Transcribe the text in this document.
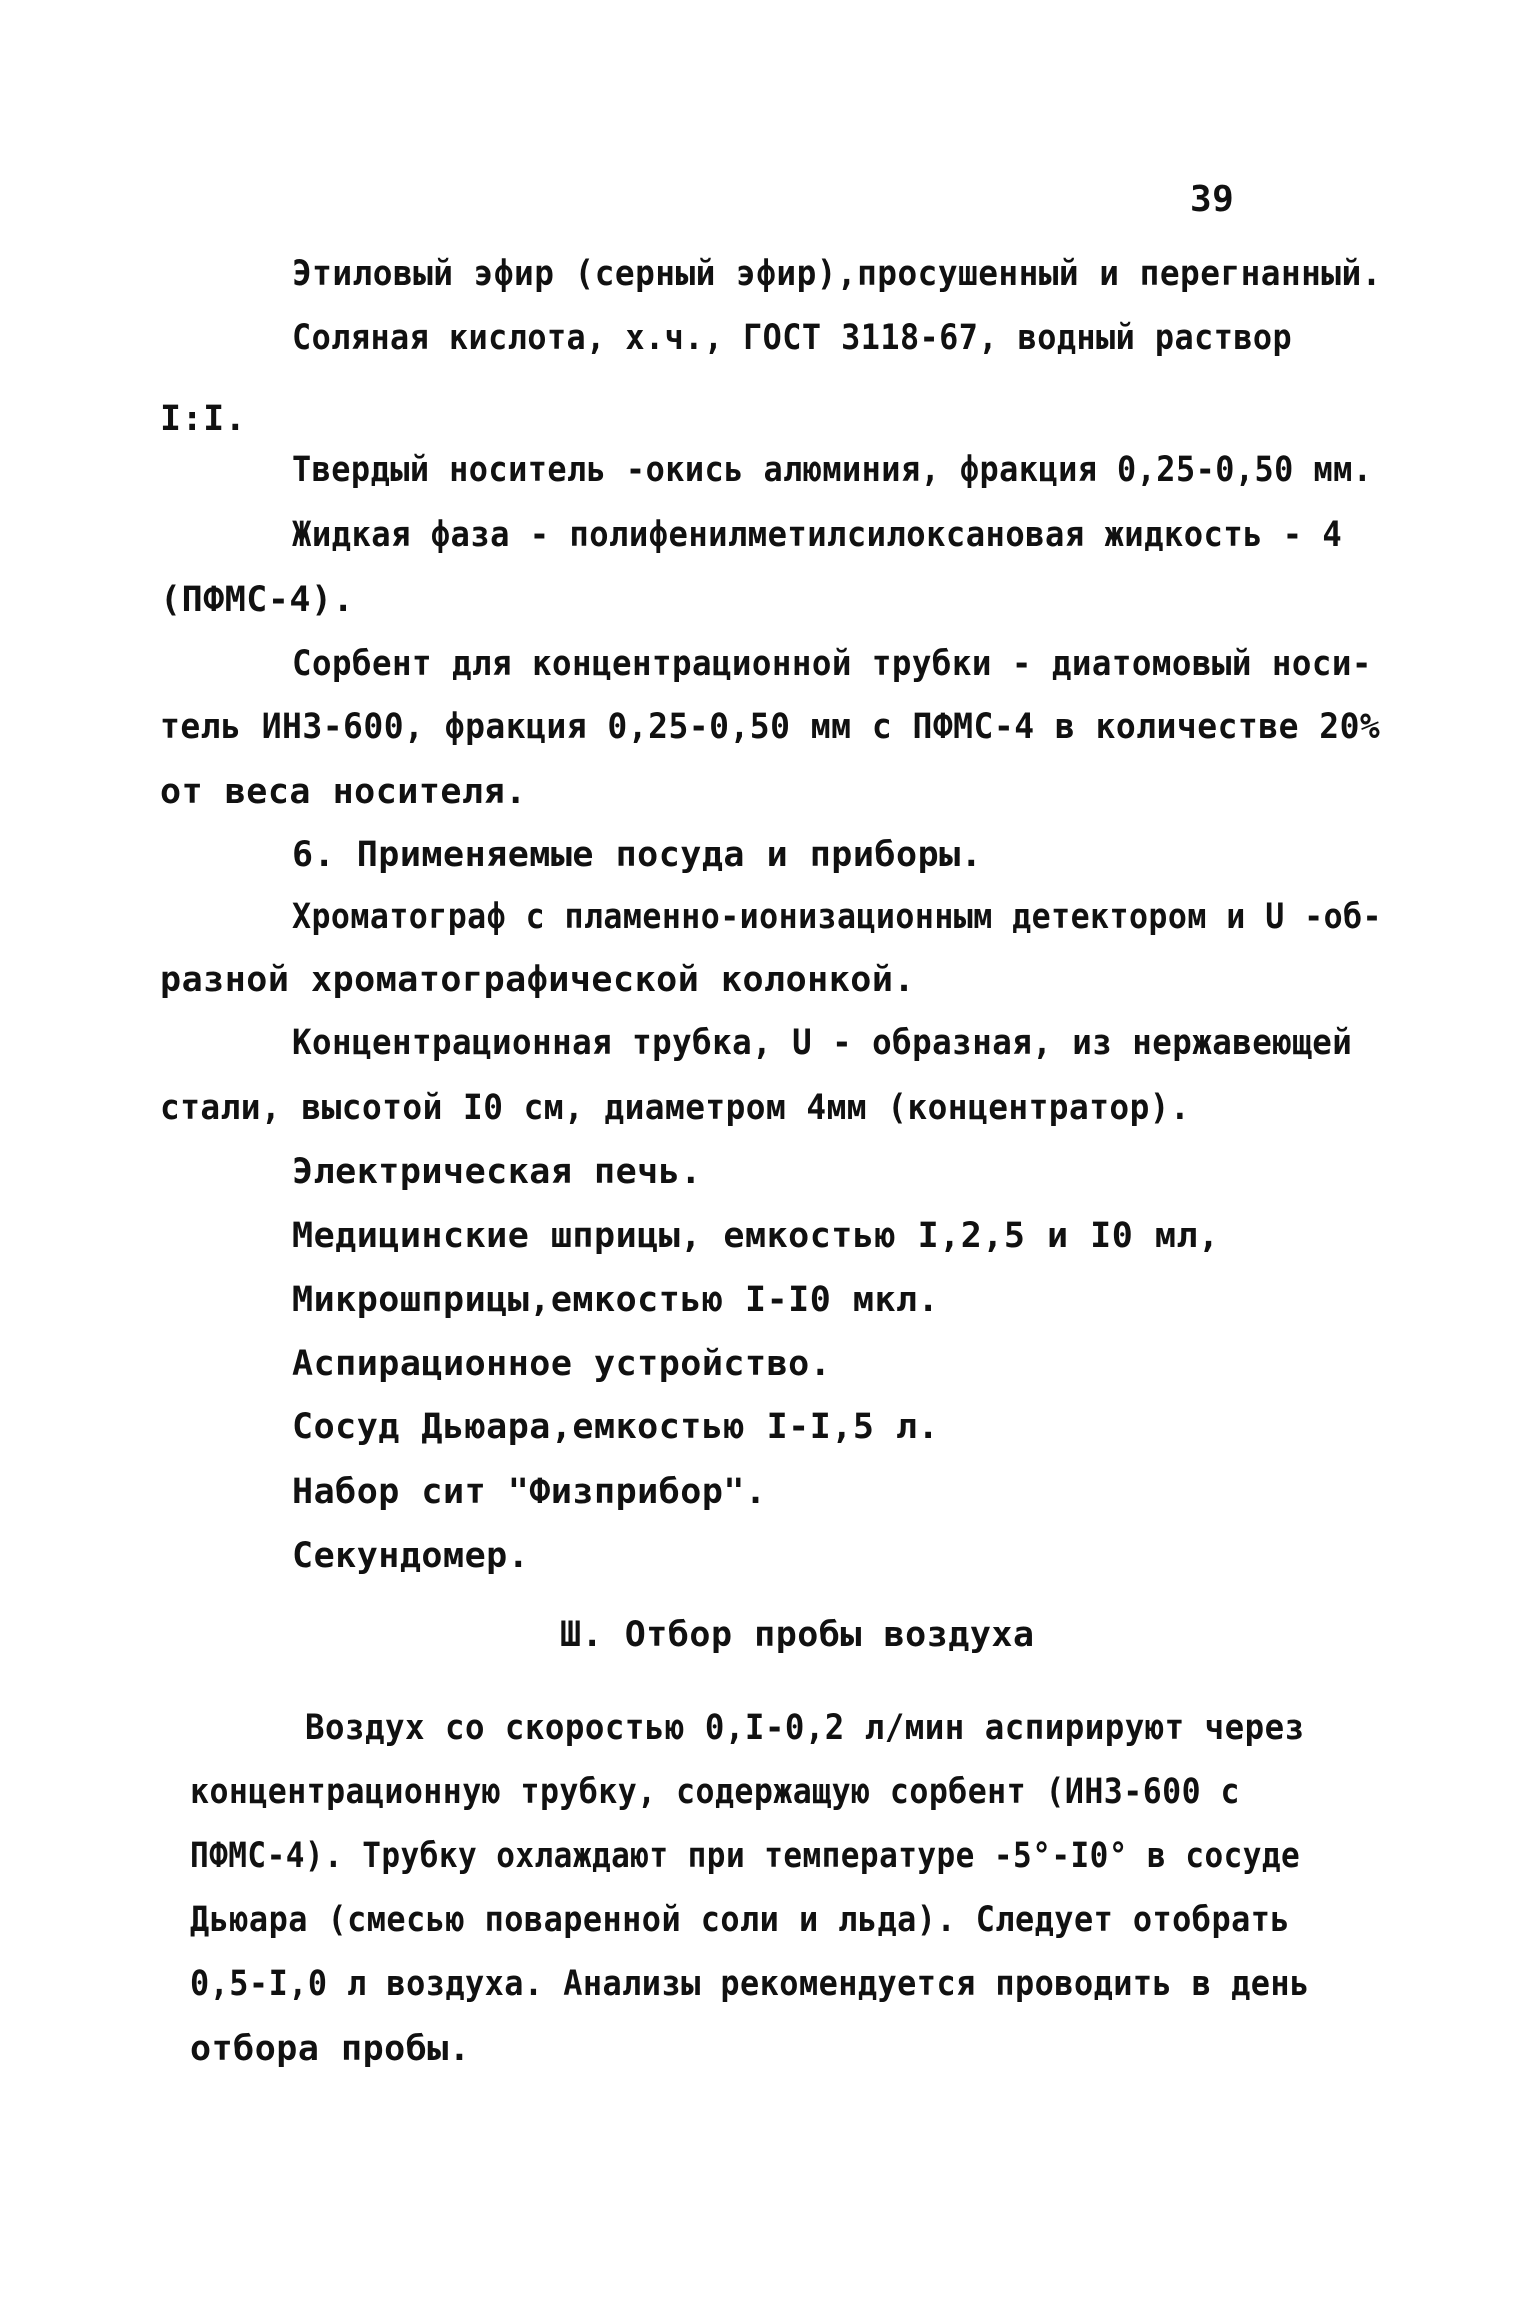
39
Этиловый эфир (серный эфир),просушенный и перегнанный.
Соляная кислота, х.ч., ГОСТ 3118-67, водный раствор
I:I.
Твердый носитель -окись алюминия, фракция 0,25-0,50 мм.
Жидкая фаза - полифенилметилсилоксановая жидкость - 4
(ПФМС-4).
Сорбент для концентрационной трубки - диатомовый носи-
тель ИНЗ-600, фракция 0,25-0,50 мм с ПФМС-4 в количестве 20%
от веса носителя.
6. Применяемые посуда и приборы.
Хроматограф с пламенно-ионизационным детектором и U -об-
разной хроматографической колонкой.
Концентрационная трубка, U - образная, из нержавеющей
стали, высотой I0 см, диаметром 4мм (концентратор).
Электрическая печь.
Медицинские шприцы, емкостью I,2,5 и I0 мл,
Микрошприцы,емкостью I-I0 мкл.
Аспирационное устройство.
Сосуд Дьюара,емкостью I-I,5 л.
Набор сит "Физприбор".
Секундомер.
Ш. Отбор пробы воздуха
Воздух со скоростью 0,I-0,2 л/мин аспирируют через
концентрационную трубку, содержащую сорбент (ИНЗ-600 с
ПФМС-4). Трубку охлаждают при температуре -5°-I0° в сосуде
Дьюара (смесью поваренной соли и льда). Следует отобрать
0,5-I,0 л воздуха. Анализы рекомендуется проводить в день
отбора пробы.
